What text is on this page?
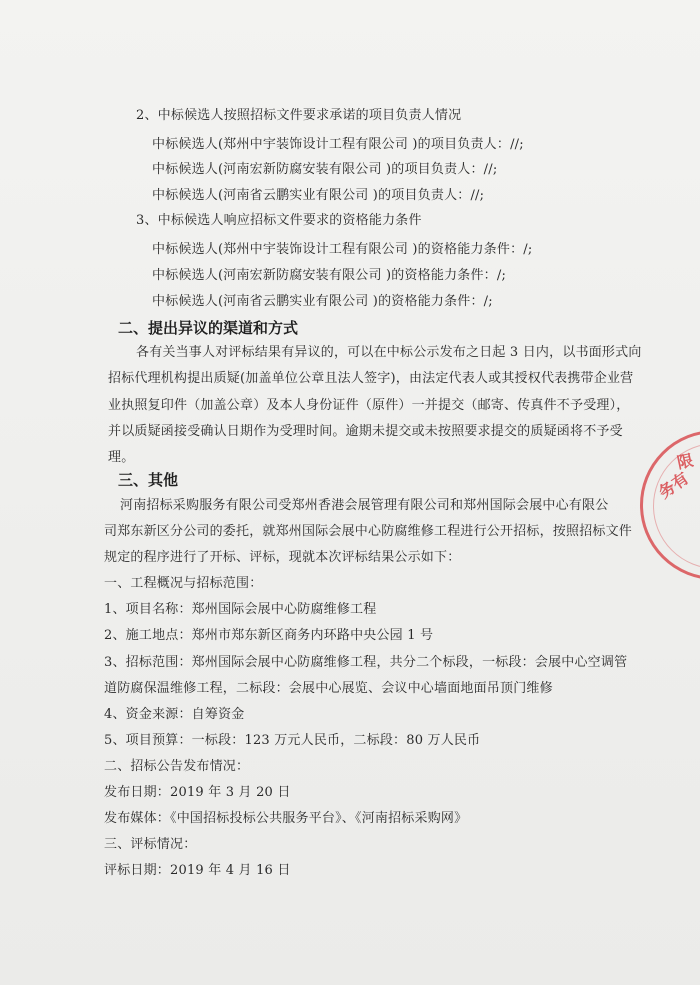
2、中标候选人按照招标文件要求承诺的项目负责人情况
中标候选人(郑州中宇装饰设计工程有限公司 )的项目负责人：//;
中标候选人(河南宏新防腐安装有限公司 )的项目负责人：//;
中标候选人(河南省云鹏实业有限公司 )的项目负责人：//;
3、中标候选人响应招标文件要求的资格能力条件
中标候选人(郑州中宇装饰设计工程有限公司 )的资格能力条件：/;
中标候选人(河南宏新防腐安装有限公司 )的资格能力条件：/;
中标候选人(河南省云鹏实业有限公司 )的资格能力条件：/;
二、提出异议的渠道和方式
各有关当事人对评标结果有异议的，可以在中标公示发布之日起 3 日内，以书面形式向
招标代理机构提出质疑(加盖单位公章且法人签字)，由法定代表人或其授权代表携带企业营
业执照复印件（加盖公章）及本人身份证件（原件）一并提交（邮寄、传真件不予受理），
并以质疑函接受确认日期作为受理时间。逾期未提交或未按照要求提交的质疑函将不予受
理。
三、其他
河南招标采购服务有限公司受郑州香港会展管理有限公司和郑州国际会展中心有限公
司郑东新区分公司的委托，就郑州国际会展中心防腐维修工程进行公开招标，按照招标文件
规定的程序进行了开标、评标，现就本次评标结果公示如下：
一、工程概况与招标范围：
1、项目名称：郑州国际会展中心防腐维修工程
2、施工地点：郑州市郑东新区商务内环路中央公园 1 号
3、招标范围：郑州国际会展中心防腐维修工程，共分二个标段，一标段：会展中心空调管
道防腐保温维修工程，二标段：会展中心展览、会议中心墙面地面吊顶门维修
4、资金来源：自筹资金
5、项目预算：一标段：123 万元人民币，二标段：80 万人民币
二、招标公告发布情况：
发布日期：2019 年 3 月 20 日
发布媒体：《中国招标投标公共服务平台》、《河南招标采购网》
三、评标情况：
评标日期：2019 年 4 月 16 日
务有
限
